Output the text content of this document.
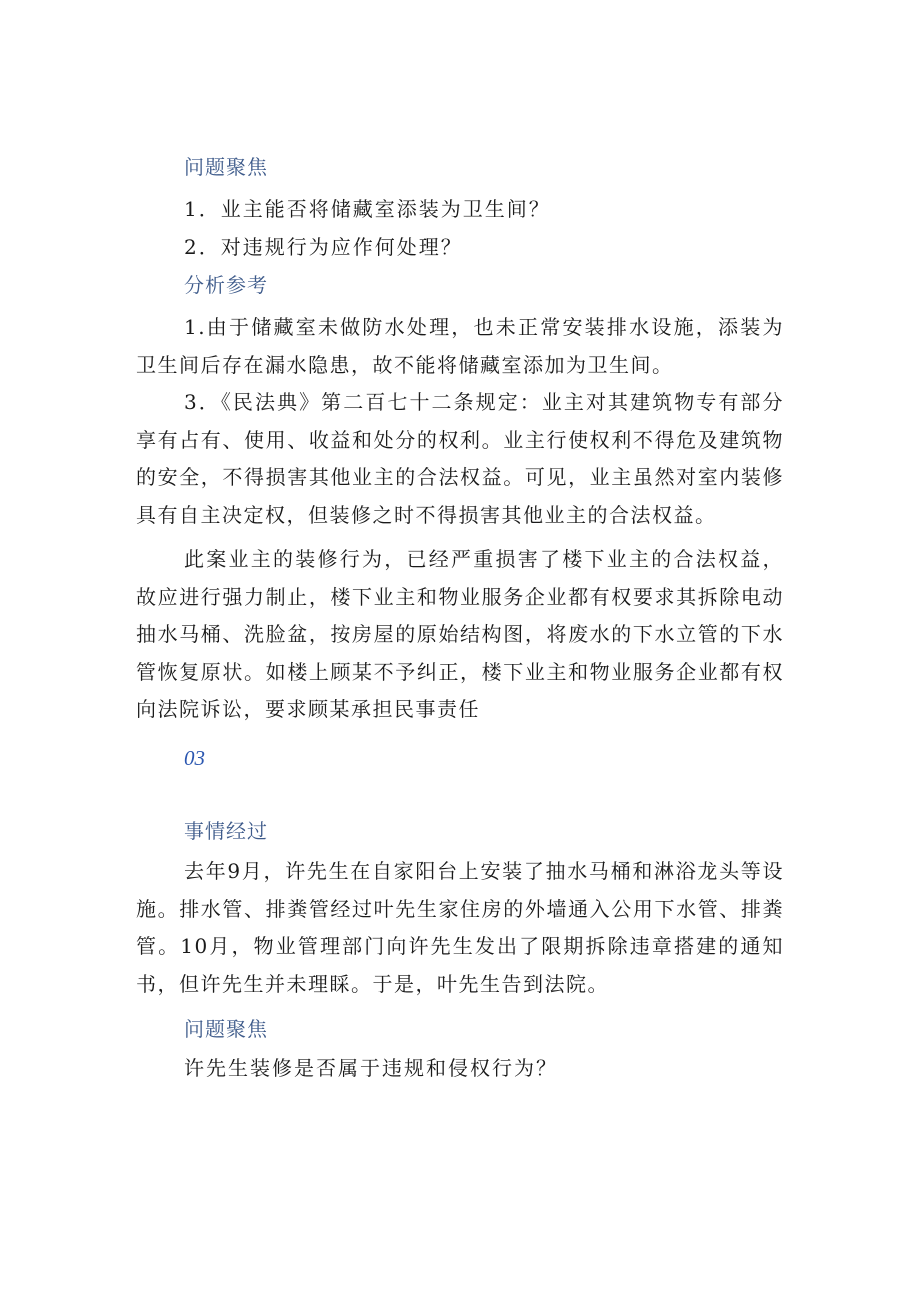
问题聚焦

1．业主能否将储藏室添装为卫生间？

2．对违规行为应作何处理？

分析参考

1.由于储藏室未做防水处理，也未正常安装排水设施，添装为卫生间后存在漏水隐患，故不能将储藏室添加为卫生间。

3．《民法典》第二百七十二条规定：业主对其建筑物专有部分享有占有、使用、收益和处分的权利。业主行使权利不得危及建筑物的安全，不得损害其他业主的合法权益。可见，业主虽然对室内装修具有自主决定权，但装修之时不得损害其他业主的合法权益。

此案业主的装修行为，已经严重损害了楼下业主的合法权益，故应进行强力制止，楼下业主和物业服务企业都有权要求其拆除电动抽水马桶、洗脸盆，按房屋的原始结构图，将废水的下水立管的下水管恢复原状。如楼上顾某不予纠正，楼下业主和物业服务企业都有权向法院诉讼，要求顾某承担民事责任

03

事情经过

去年9月，许先生在自家阳台上安装了抽水马桶和淋浴龙头等设施。排水管、排粪管经过叶先生家住房的外墙通入公用下水管、排粪管。10月，物业管理部门向许先生发出了限期拆除违章搭建的通知书，但许先生并未理睬。于是，叶先生告到法院。

问题聚焦

许先生装修是否属于违规和侵权行为？
